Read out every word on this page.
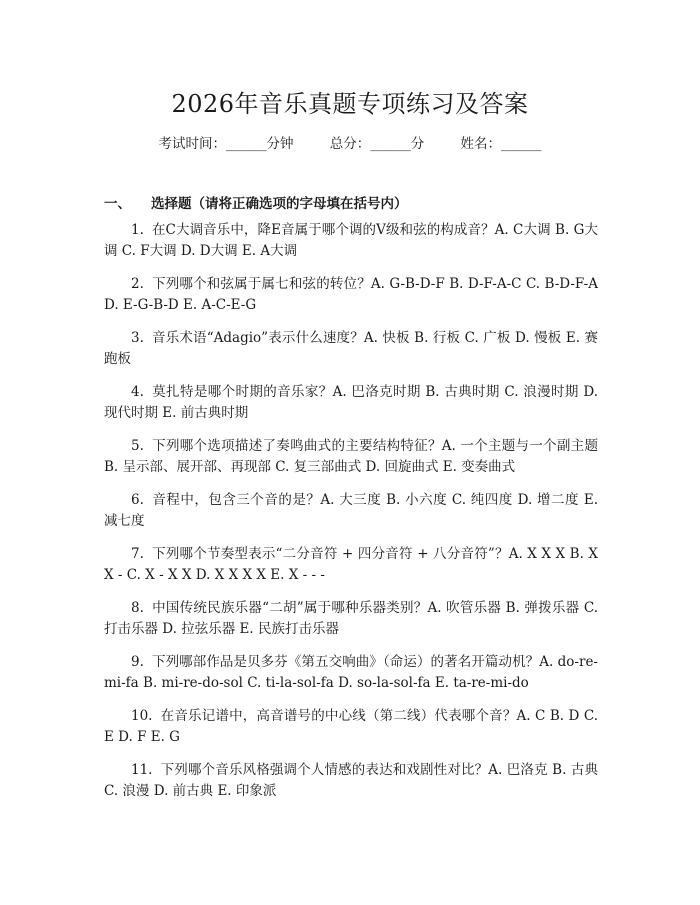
2026年音乐真题专项练习及答案
考试时间：______分钟	总分：______分	姓名：______
一、 选择题（请将正确选项的字母填在括号内）

1. 在C大调音乐中，降E音属于哪个调的V级和弦的构成音？A. C大调 B. G大调 C. F大调 D. D大调 E. A大调

2. 下列哪个和弦属于属七和弦的转位？A. G-B-D-F B. D-F-A-C C. B-D-F-A D. E-G-B-D E. A-C-E-G

3. 音乐术语“Adagio”表示什么速度？A. 快板 B. 行板 C. 广板 D. 慢板 E. 赛跑板

4. 莫扎特是哪个时期的音乐家？A. 巴洛克时期 B. 古典时期 C. 浪漫时期 D. 现代时期 E. 前古典时期

5. 下列哪个选项描述了奏鸣曲式的主要结构特征？A. 一个主题与一个副主题 B. 呈示部、展开部、再现部 C. 复三部曲式 D. 回旋曲式 E. 变奏曲式

6. 音程中，包含三个音的是？A. 大三度 B. 小六度 C. 纯四度 D. 增二度 E. 减七度

7. 下列哪个节奏型表示“二分音符 + 四分音符 + 八分音符”？A. X X X B. X X - C. X - X X D. X X X X E. X - - -

8. 中国传统民族乐器“二胡”属于哪种乐器类别？A. 吹管乐器 B. 弹拨乐器 C. 打击乐器 D. 拉弦乐器 E. 民族打击乐器

9. 下列哪部作品是贝多芬《第五交响曲》（命运）的著名开篇动机？A. do-re-mi-fa B. mi-re-do-sol C. ti-la-sol-fa D. so-la-sol-fa E. ta-re-mi-do

10. 在音乐记谱中，高音谱号的中心线（第二线）代表哪个音？A. C B. D C. E D. F E. G

11. 下列哪个音乐风格强调个人情感的表达和戏剧性对比？A. 巴洛克 B. 古典 C. 浪漫 D. 前古典 E. 印象派
